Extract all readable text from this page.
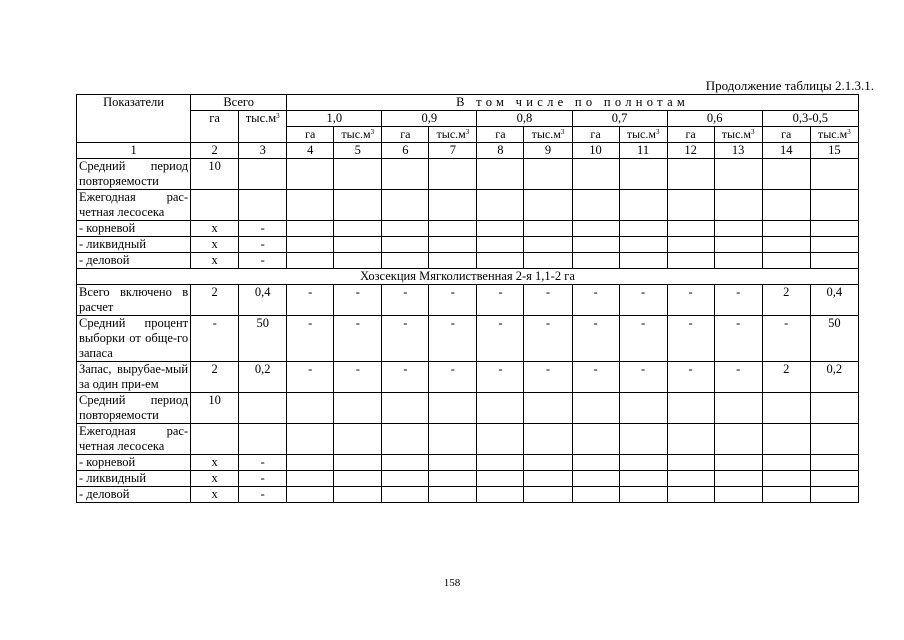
Продолжение таблицы 2.1.3.1.
Показатели	Всего		В том числе по полнотам											
	га	$тыс.м^3$	1,0		0,9		0,8		0,7		0,6		0,3-0,5	
			га	$тыс.м^3$	га	$тыс.м^3$	га	$тыс.м^3$	га	$тыс.м^3$	га	$тыс.м^3$	га	$тыс.м^3$
1	2	3	4	5	6	7	8	9	10	11	12	13	14	15
Средний период повторяемости	10													
Ежегодная рас-четная лесосека														
- корневой	х	-												
- ликвидный	х	-												
- деловой	х	-												
Хозсекция Мягколиственная 2-я 1,1-2 га														
Всего включено в расчет	2	0,4	-	-	-	-	-	-	-	-	-	-	2	0,4
Средний процент выборки от обще-го запаса	-	50	-	-	-	-	-	-	-	-	-	-	-	50
Запас, вырубае-мый за один при-ем	2	0,2	-	-	-	-	-	-	-	-	-	-	2	0,2
Средний период повторяемости	10													
Ежегодная рас-четная лесосека														
- корневой	х	-												
- ликвидный	х	-												
- деловой	х	-												
158
